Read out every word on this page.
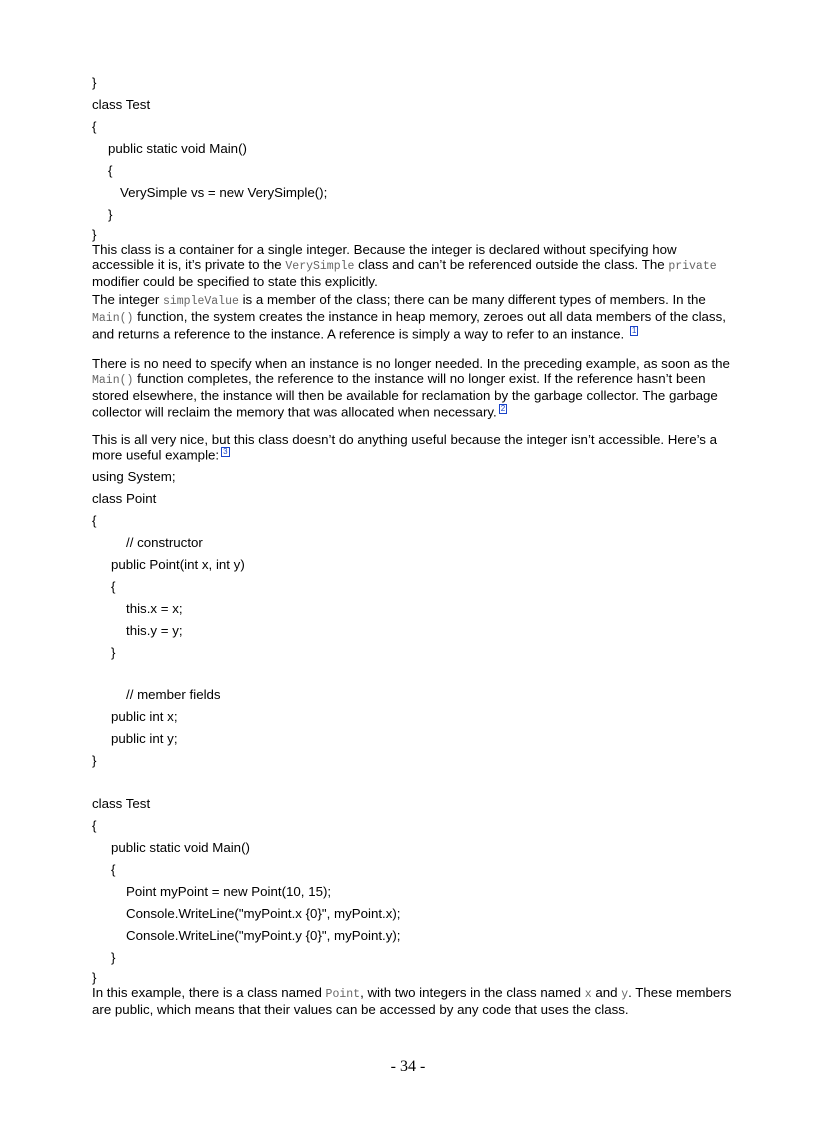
}
class Test
{
public static void Main()
{
VerySimple vs = new VerySimple();
}
}

This class is a container for a single integer. Because the integer is declared without specifying how accessible it is, it’s private to the VerySimple class and can’t be referenced outside the class. The private modifier could be specified to state this explicitly.

The integer simpleValue is a member of the class; there can be many different types of members. In the Main() function, the system creates the instance in heap memory, zeroes out all data members of the class, and returns a reference to the instance. A reference is simply a way to refer to an instance. 1

There is no need to specify when an instance is no longer needed. In the preceding example, as soon as the Main() function completes, the reference to the instance will no longer exist. If the reference hasn’t been stored elsewhere, the instance will then be available for reclamation by the garbage collector. The garbage collector will reclaim the memory that was allocated when necessary. 2

This is all very nice, but this class doesn’t do anything useful because the integer isn’t accessible. Here’s a more useful example: 3

using System;
class Point
{
// constructor
public Point(int x, int y)
{
this.x = x;
this.y = y;
}
// member fields
public int x;
public int y;
}
class Test
{
public static void Main()
{
Point myPoint = new Point(10, 15);
Console.WriteLine("myPoint.x {0}", myPoint.x);
Console.WriteLine("myPoint.y {0}", myPoint.y);
}
}

In this example, there is a class named Point, with two integers in the class named x and y. These members are public, which means that their values can be accessed by any code that uses the class.

- 34 -
